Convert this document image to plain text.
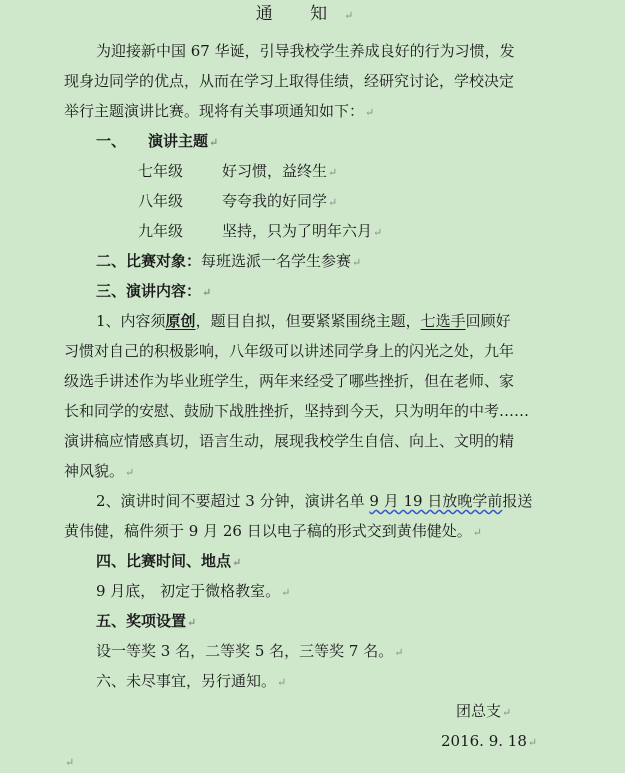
通 知↵
为迎接新中国 67 华诞，引导我校学生养成良好的行为习惯，发
现身边同学的优点，从而在学习上取得佳绩，经研究讨论，学校决定
举行主题演讲比赛。现将有关事项通知如下：↵
一、 演讲主题↵
七年级	好习惯，益终生↵
八年级	夸夸我的好同学↵
九年级	坚持，只为了明年六月↵
二、比赛对象：每班选派一名学生参赛↵
三、演讲内容：↵
1、内容须原创，题目自拟，但要紧紧围绕主题，七选手回顾好
习惯对自己的积极影响，八年级可以讲述同学身上的闪光之处，九年
级选手讲述作为毕业班学生，两年来经受了哪些挫折，但在老师、家
长和同学的安慰、鼓励下战胜挫折，坚持到今天，只为明年的中考……
演讲稿应情感真切，语言生动，展现我校学生自信、向上、文明的精
神风貌。↵
2、演讲时间不要超过 3 分钟，演讲名单 9 月 19 日放晚学前报送
黄伟健，稿件须于 9 月 26 日以电子稿的形式交到黄伟健处。↵
四、比赛时间、地点↵
9 月底， 初定于微格教室。↵
五、奖项设置↵
设一等奖 3 名，二等奖 5 名，三等奖 7 名。↵
六、未尽事宜，另行通知。↵
团总支↵
2016. 9. 18↵
↵
